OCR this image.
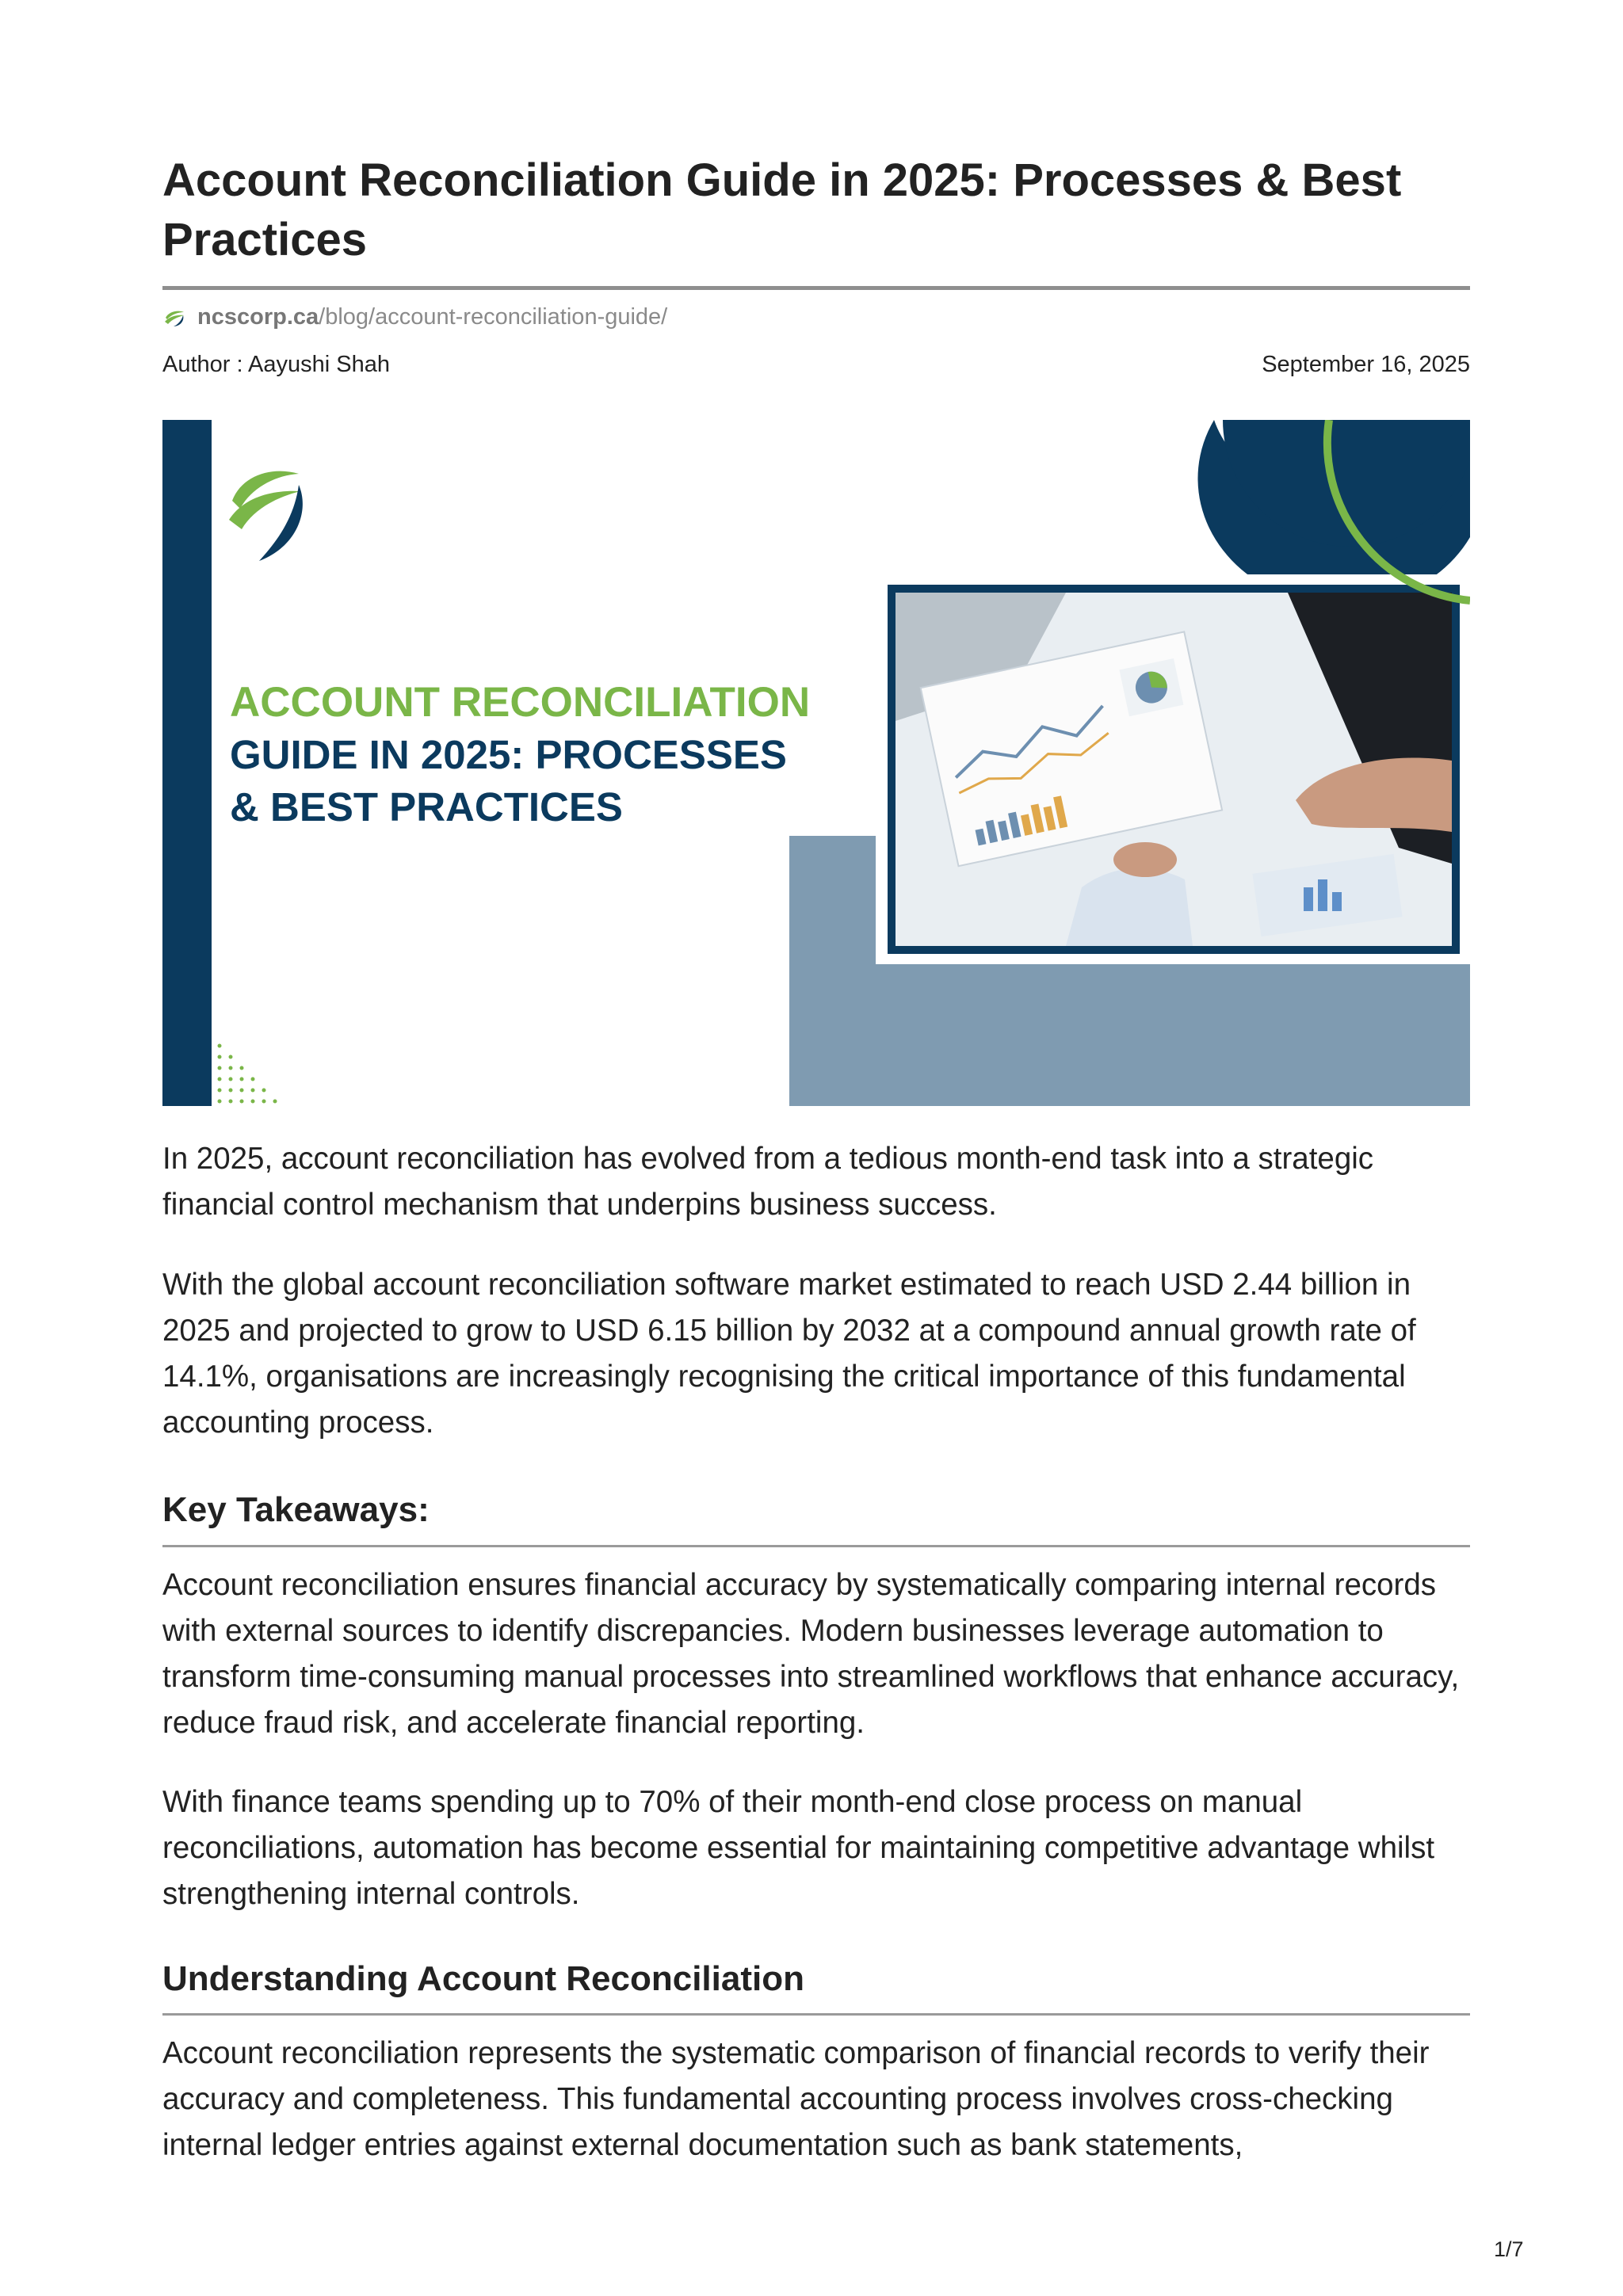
Account Reconciliation Guide in 2025: Processes & Best Practices
ncscorp.ca /blog/account-reconciliation-guide/
Author : Aayushi Shah	September 16, 2025
ACCOUNT RECONCILIATION
GUIDE IN 2025: PROCESSES
& BEST PRACTICES

In 2025, account reconciliation has evolved from a tedious month-end task into a strategic financial control mechanism that underpins business success.

With the global account reconciliation software market estimated to reach USD 2.44 billion in 2025 and projected to grow to USD 6.15 billion by 2032 at a compound annual growth rate of 14.1%, organisations are increasingly recognising the critical importance of this fundamental accounting process.

Key Takeaways:

Account reconciliation ensures financial accuracy by systematically comparing internal records with external sources to identify discrepancies. Modern businesses leverage automation to transform time-consuming manual processes into streamlined workflows that enhance accuracy, reduce fraud risk, and accelerate financial reporting.

With finance teams spending up to 70% of their month-end close process on manual reconciliations, automation has become essential for maintaining competitive advantage whilst strengthening internal controls.

Understanding Account Reconciliation

Account reconciliation represents the systematic comparison of financial records to verify their accuracy and completeness. This fundamental accounting process involves cross-checking internal ledger entries against external documentation such as bank statements,

1/7
